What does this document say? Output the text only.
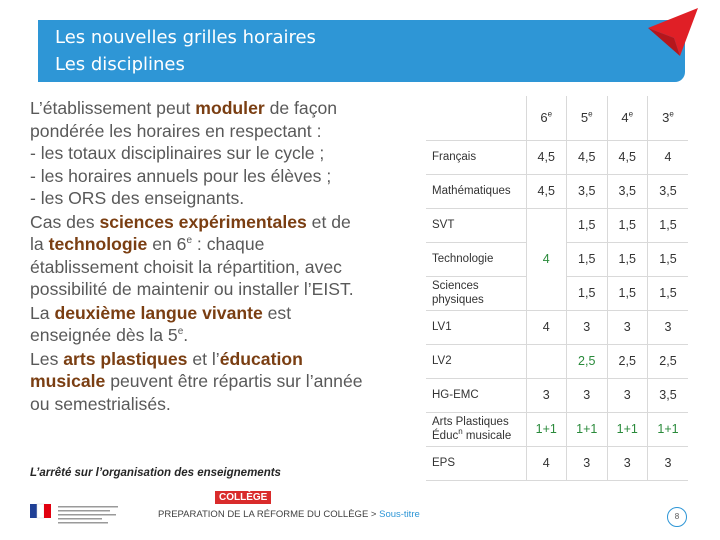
Les nouvelles grilles horaires
Les disciplines

L’établissement peut moduler de façon

pondérée les horaires en respectant :

- les totaux disciplinaires sur le cycle ;

- les horaires annuels pour les élèves ;

- les ORS des enseignants.

Cas des sciences expérimentales et de

la technologie en 6e : chaque

établissement choisit la répartition, avec

possibilité de maintenir ou installer l’EIST.

La deuxième langue vivante est

enseignée dès la 5e.

Les arts plastiques et l’éducation

musicale peuvent être répartis sur l’année

ou semestrialisés.

L’arrêté sur l’organisation des enseignements
	6e	5e	4e	3e
Français	4,5	4,5	4,5	4
Mathématiques	4,5	3,5	3,5	3,5
SVT	4	1,5	1,5	1,5
Technologie		1,5	1,5	1,5
Sciences
physiques		1,5	1,5	1,5
LV1	4	3	3	3
LV2		2,5	2,5	2,5
HG-EMC	3	3	3	3,5
Arts Plastiques
Éduc$^n$ musicale	1+1	1+1	1+1	1+1
EPS	4	3	3	3
COLLÈGE
PREPARATION DE LA RÉFORME DU COLLÈGE > Sous-titre	8
